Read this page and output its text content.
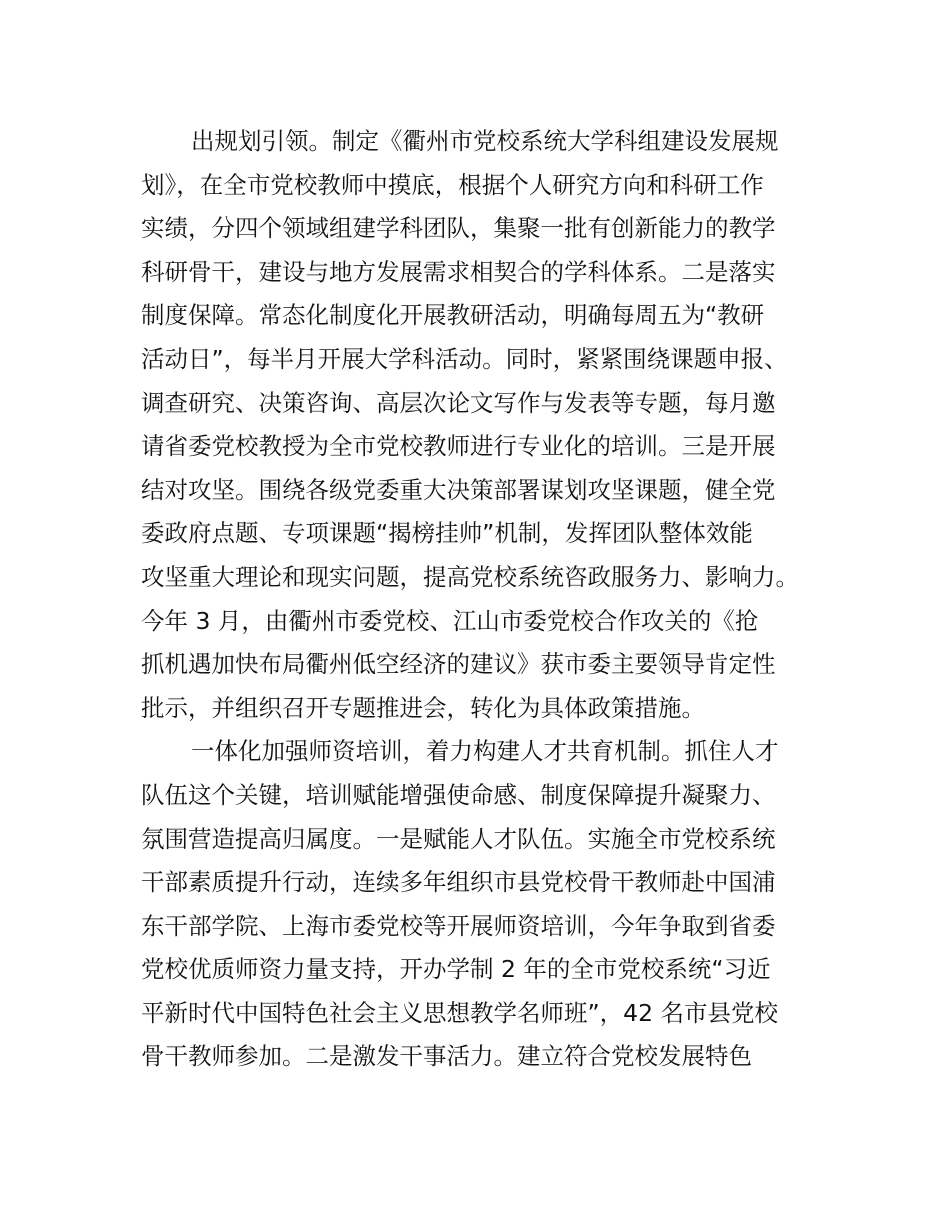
出规划引领。制定《衢州市党校系统大学科组建设发展规
划》，在全市党校教师中摸底，根据个人研究方向和科研工作
实绩，分四个领域组建学科团队，集聚一批有创新能力的教学
科研骨干，建设与地方发展需求相契合的学科体系。二是落实
制度保障。常态化制度化开展教研活动，明确每周五为“教研
活动日”，每半月开展大学科活动。同时，紧紧围绕课题申报、
调查研究、决策咨询、高层次论文写作与发表等专题，每月邀
请省委党校教授为全市党校教师进行专业化的培训。三是开展
结对攻坚。围绕各级党委重大决策部署谋划攻坚课题，健全党
委政府点题、专项课题“揭榜挂帅”机制，发挥团队整体效能
攻坚重大理论和现实问题，提高党校系统咨政服务力、影响力。
今年 3 月，由衢州市委党校、江山市委党校合作攻关的《抢
抓机遇加快布局衢州低空经济的建议》获市委主要领导肯定性
批示，并组织召开专题推进会，转化为具体政策措施。
一体化加强师资培训，着力构建人才共育机制。抓住人才
队伍这个关键，培训赋能增强使命感、制度保障提升凝聚力、
氛围营造提高归属度。一是赋能人才队伍。实施全市党校系统
干部素质提升行动，连续多年组织市县党校骨干教师赴中国浦
东干部学院、上海市委党校等开展师资培训，今年争取到省委
党校优质师资力量支持，开办学制 2 年的全市党校系统“习近
平新时代中国特色社会主义思想教学名师班”，42 名市县党校
骨干教师参加。二是激发干事活力。建立符合党校发展特色
